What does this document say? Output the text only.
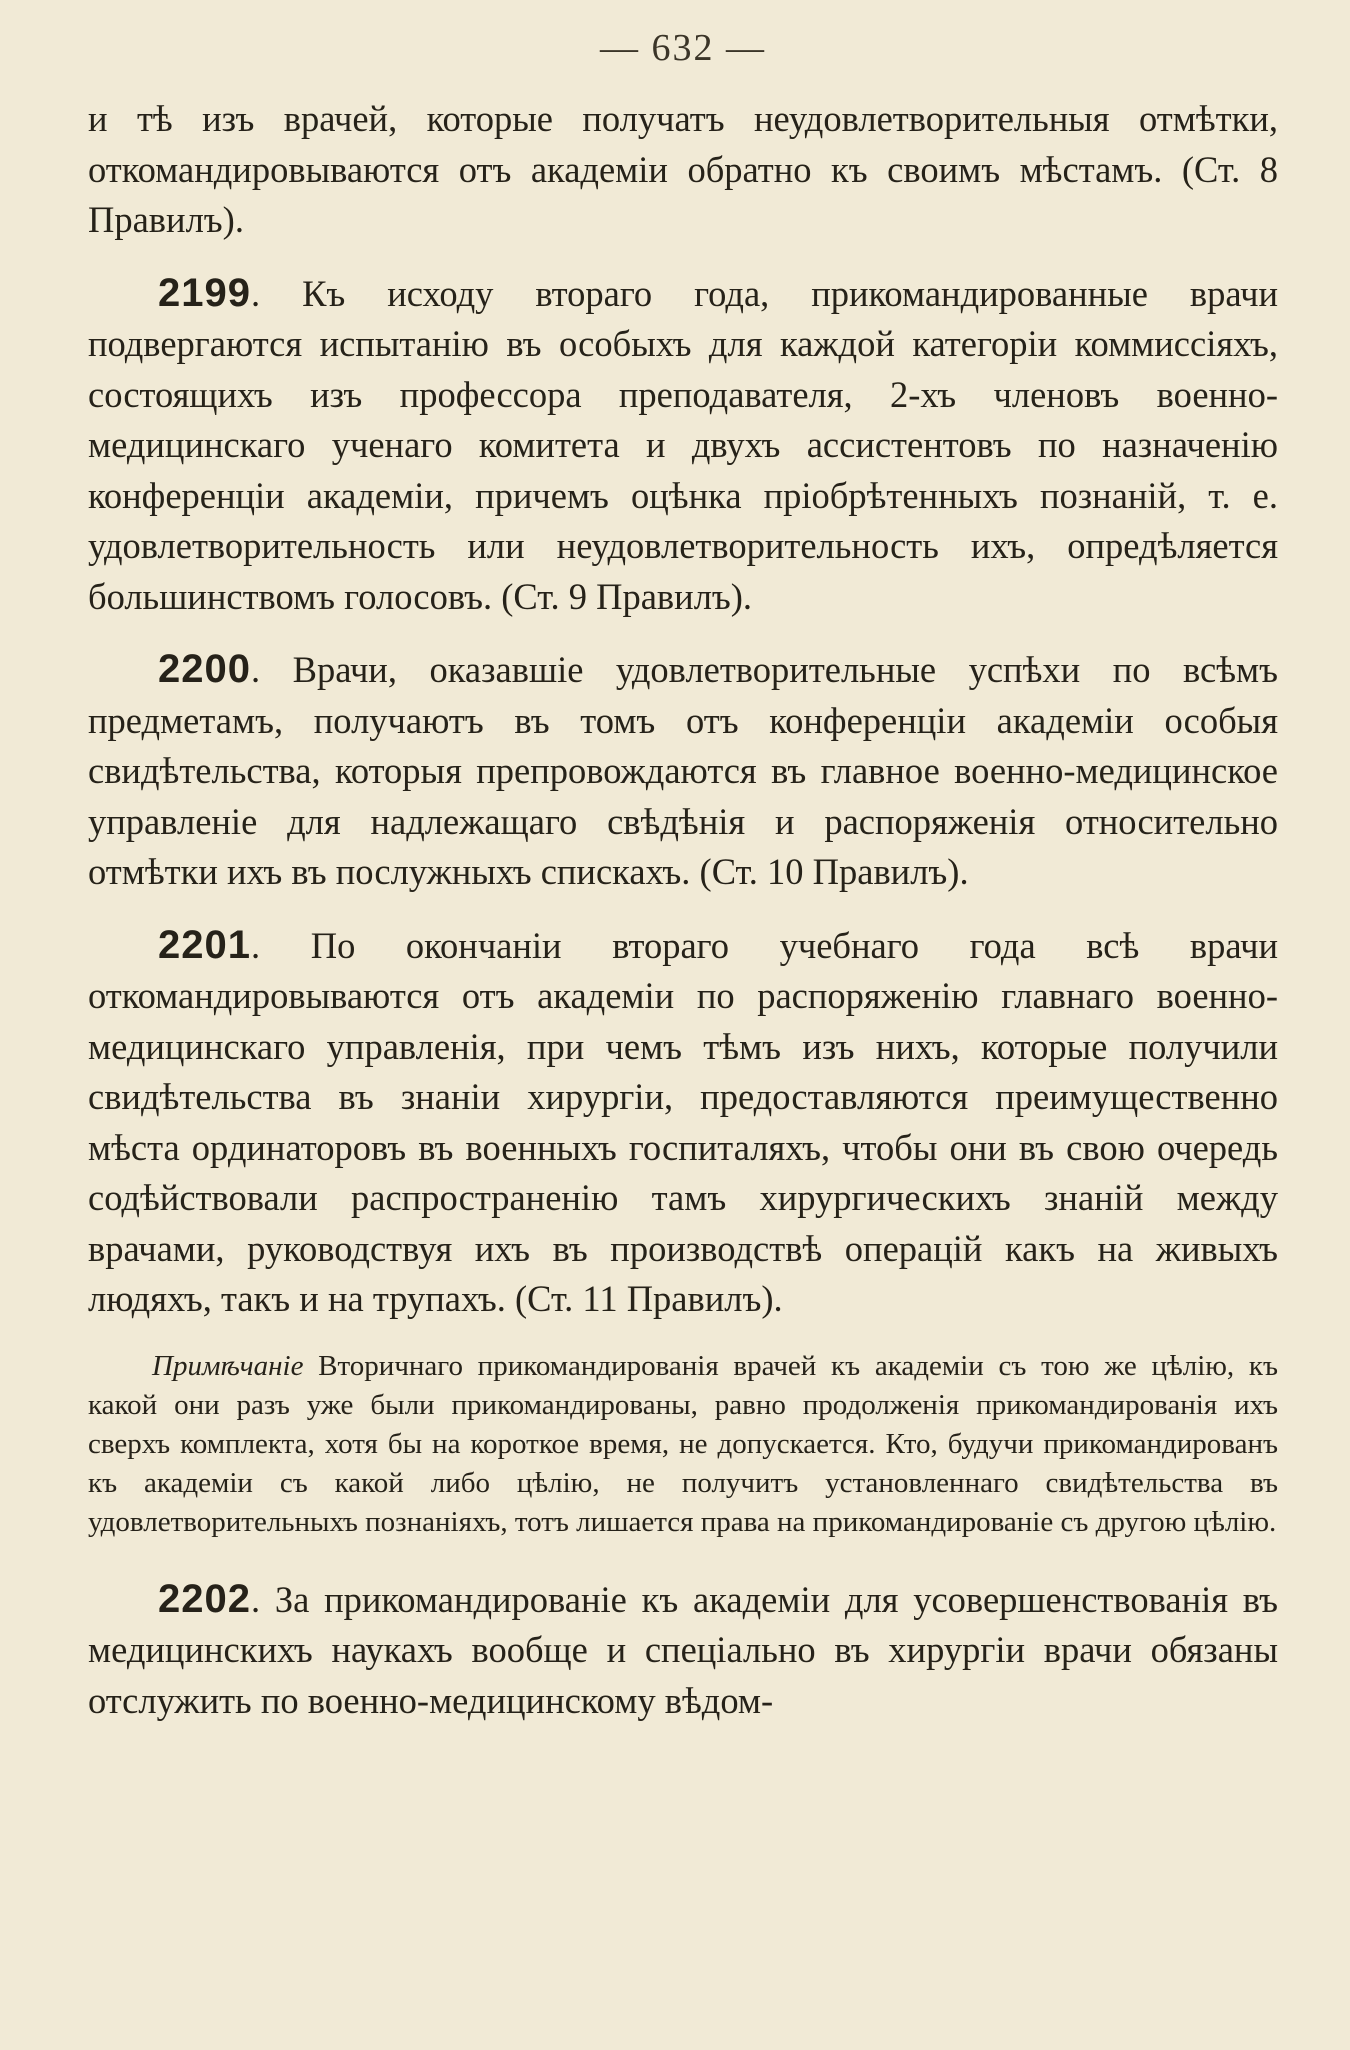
— 632 —

и тѣ изъ врачей, которые получатъ неудовлетворительныя отмѣтки, откомандировываются отъ академіи обратно къ своимъ мѣстамъ. (Ст. 8 Правилъ).

2199. Къ исходу втораго года, прикомандированные врачи подвергаются испытанію въ особыхъ для каждой категоріи коммиссіяхъ, состоящихъ изъ профессора преподавателя, 2-хъ членовъ военно-медицинскаго ученаго комитета и двухъ ассистентовъ по назначенію конференціи академіи, причемъ оцѣнка пріобрѣтенныхъ познаній, т. е. удовлетворительность или неудовлетворительность ихъ, опредѣляется большинствомъ голосовъ. (Ст. 9 Правилъ).

2200. Врачи, оказавшіе удовлетворительные успѣхи по всѣмъ предметамъ, получаютъ въ томъ отъ конференціи академіи особыя свидѣтельства, которыя препровождаются въ главное военно-медицинское управленіе для надлежащаго свѣдѣнія и распоряженія относительно отмѣтки ихъ въ послужныхъ спискахъ. (Ст. 10 Правилъ).

2201. По окончаніи втораго учебнаго года всѣ врачи откомандировываются отъ академіи по распоряженію главнаго военно-медицинскаго управленія, при чемъ тѣмъ изъ нихъ, которые получили свидѣтельства въ знаніи хирургіи, предоставляются преимущественно мѣста ординаторовъ въ военныхъ госпиталяхъ, чтобы они въ свою очередь содѣйствовали распространенію тамъ хирургическихъ знаній между врачами, руководствуя ихъ въ производствѣ операцій какъ на живыхъ людяхъ, такъ и на трупахъ. (Ст. 11 Правилъ).

Примѣчаніе Вторичнаго прикомандированія врачей къ академіи съ тою же цѣлію, къ какой они разъ уже были прикомандированы, равно продолженія прикомандированія ихъ сверхъ комплекта, хотя бы на короткое время, не допускается. Кто, будучи прикомандированъ къ академіи съ какой либо цѣлію, не получитъ установленнаго свидѣтельства въ удовлетворительныхъ познаніяхъ, тотъ лишается права на прикомандированіе съ другою цѣлію.

2202. За прикомандированіе къ академіи для усовершенствованія въ медицинскихъ наукахъ вообще и спеціально въ хирургіи врачи обязаны отслужить по военно-медицинскому вѣдом-
